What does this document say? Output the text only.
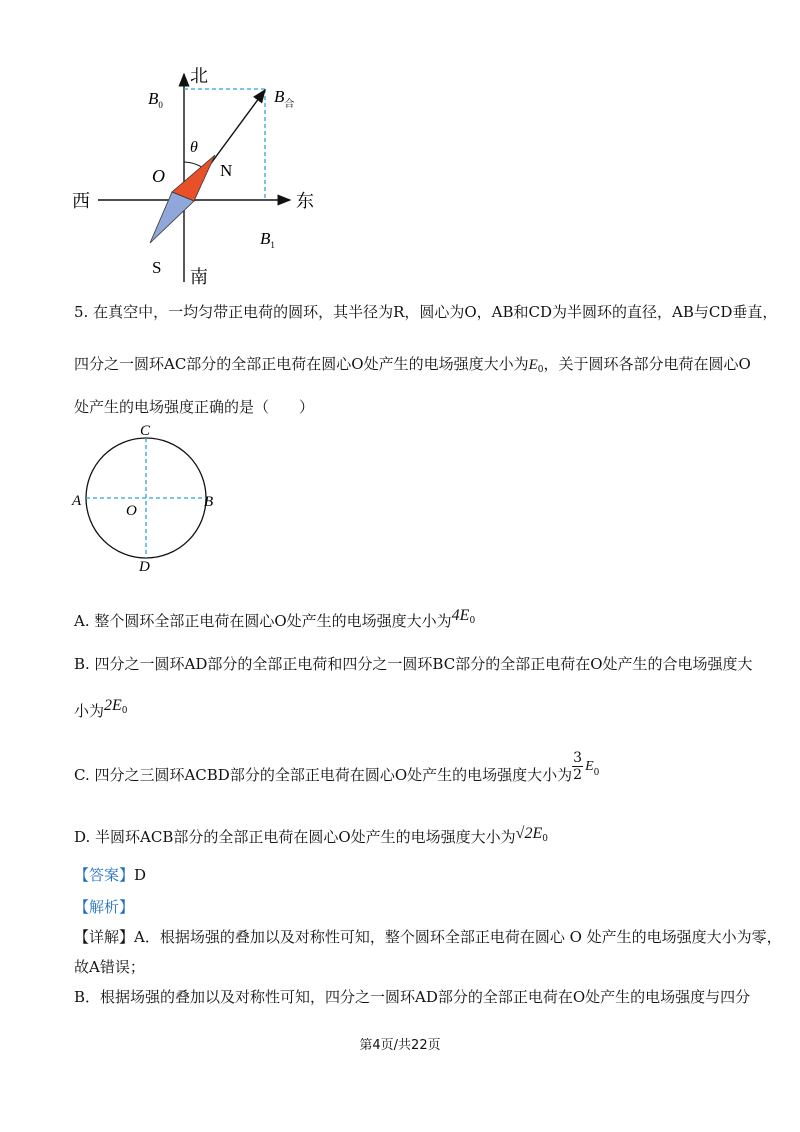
北
南
西	东
$B_0$	$B_合$
$B_1$
θ
O	N
S
5. 在真空中，一均匀带正电荷的圆环，其半径为R，圆心为O，AB和CD为半圆环的直径，AB与CD垂直，
四分之一圆环AC部分的全部正电荷在圆心O处产生的电场强度大小为$E_0$，关于圆环各部分电荷在圆心O
处产生的电场强度正确的是（　　）
C
A
O
B
D
A. 整个圆环全部正电荷在圆心O处产生的电场强度大小为$4E^0$
B. 四分之一圆环AD部分的全部正电荷和四分之一圆环BC部分的全部正电荷在O处产生的合电场强度大
小为$2E^0$
C. 四分之三圆环ACBD部分的全部正电荷在圆心O处产生的电场强度大小为 $\frac{3}{2} E^0$
D. 半圆环ACB部分的全部正电荷在圆心O处产生的电场强度大小为$√2E_0$
【答案】D
【解析】
【详解】A．根据场强的叠加以及对称性可知，整个圆环全部正电荷在圆心 O 处产生的电场强度大小为零，
故A错误；
B．根据场强的叠加以及对称性可知，四分之一圆环AD部分的全部正电荷在O处产生的电场强度与四分
第4页/共22页
